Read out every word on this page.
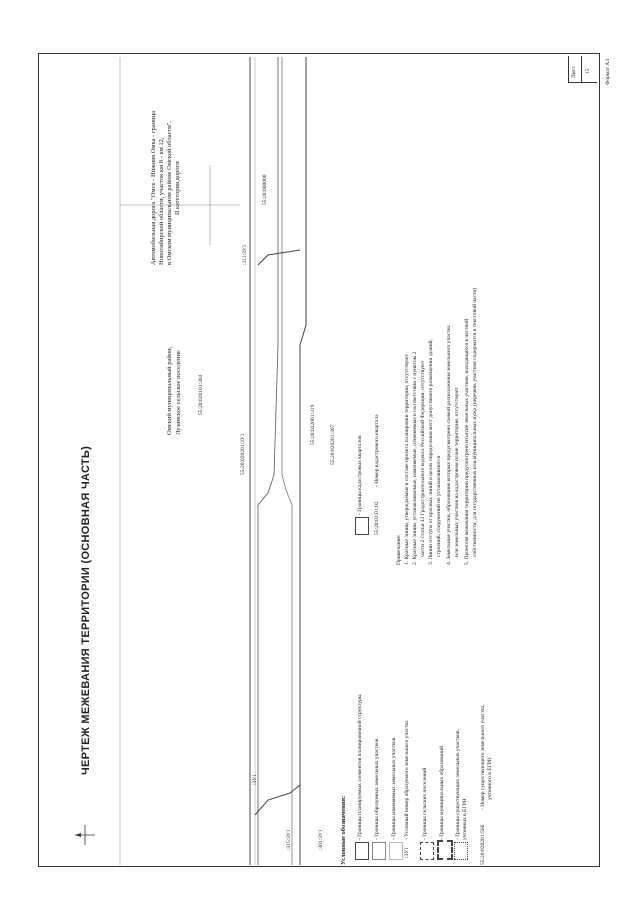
ЧЕРТЕЖ МЕЖЕВАНИЯ ТЕРРИТОРИИ (ОСНОВНАЯ ЧАСТЬ)
Омский муниципальный район, Лузинское сельское поселение	55:20:020101:304
55:20:020201:3У1
55:20:032001:319	55:20:020201:307
55:20:000000
Автомобильная дорога "Омск - Нижняя Омка - граница Новосибирской области, участок км 8 - км 12, в Омском муниципальном районе Омской области". II категория дороги
:311:ЗУ1
:315:ЗУ1
:3У1
:301:ЗУ1 Условные обозначения: - Границы планируемых элементов планировочной структуры - Границы образуемых земельных участков - Границы изменяемых земельных участков
:3У1
- Условный номер образуемого земельного участка - Границы сельских поселений - Границы муниципальных образований - Границы существующих земельных участков, учтенных в ЕГРН
55:20:020201:566
- Номер существующего земельного участка, учтенного в ЕГРН
- Границы кадастровых кварталов
55:20:03:01:02
- Номер кадастрового квартала
Примечание: 1. Красные линии, утверждаемые в составе проекта планировки территории, отсутствуют 2. Красные линии, устанавливаемые, изменяемые, отменяемые в соответствии с пунктом 2 части 2 статьи 43 Градостроительного кодекса Российской Федерации, отсутствуют 3. Линии отступа от красных линий в целях определения мест допустимого размещения зданий, строений, сооружений не устанавливаются 4. Земельные участки, образование которых предусмотрено схемой расположения земельного участка или земельных участков на кадастровом плане территории, отсутствуют 5. Проектом межевания территории предусмотрено изъятие земельных участков, находящихся в частной собственности, для государственных или муниципальных нужд (перечень участков содержится в текстовой части)
Лист 15	Формат А3
